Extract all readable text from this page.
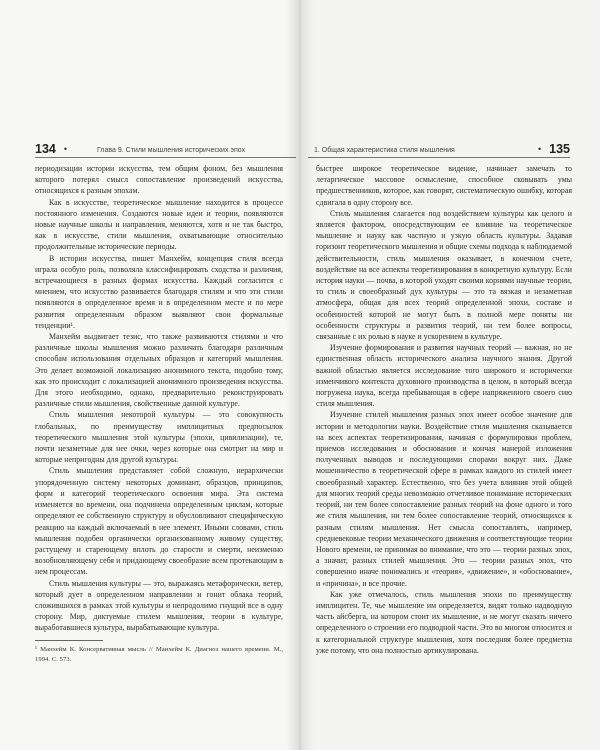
134 •	Глава 9. Стили мышления исторических эпох

периодизации истории искусства, тем общим фоном, без мышления которого потерял смысл сопоставление произведений искусства, относящихся к разным эпохам.

Как в искусстве, теоретическое мышление находится в процессе постоянного изменения. Создаются новые идеи и теории, появляются новые научные школы и направления, меняются, хотя и не так быстро, как в искусстве, стили мышления, охватывающие относительно продолжительные исторические периоды.

В истории искусства, пишет Манхейм, концепция стиля всегда играла особую роль, позволяла классифицировать сходства и различия, встречающиеся в разных формах искусства. Каждый согласится с мнением, что искусство развивается благодаря стилям и что эти стили появляются в определенное время и в определенном месте и по мере развития определенным образом выявляют свои формальные тенденции¹.

Манхейм выдвигает тезис, что также развиваются стилями и что различные школы мышления можно различать благодаря различным способам использования отдельных образцов и категорий мышления. Это делает возможной локализацию анонимного текста, подобно тому, как это происходит с локализацией анонимного произведения искусства. Для этого необходимо, однако, предварительно реконструировать различные стили мышления, свойственные данной культуре.

Стиль мышления некоторой культуры — это совокупность глобальных, по преимуществу имплицитных предпосылок теоретического мышления этой культуры (эпохи, цивилизации), те, почти незаметные для нее очки, через которые она смотрит на мир и которые непригодны для другой культуры.

Стиль мышления представляет собой сложную, иерархически упорядоченную систему некоторых доминант, образцов, принципов, форм и категорий теоретического освоения мира. Эта система изменяется во времени, она подчинена определенным циклам, которые определяют ее собственную структуру и обусловливают специфическую реакцию на каждый включаемый в нее элемент. Иными словами, стиль мышления подобен органически организованному живому существу, растущему и стареющему вплоть до старости и смерти, неизменно возобновляющему себя и придающему своеобразие всем протекающим в нем процессам.

Стиль мышления культуры — это, выражаясь метафорически, ветер, который дует в определенном направлении и гонит облака теорий, сложившихся в рамках этой культуры и непродолимо гнущий все в одну сторону. Мир, диктуемые стилем мышления, теории в культуре, выработавшиеся культура, вырабатывающие культура.

¹ Манхейм К. Консервативная мысль // Манхейм К. Диагноз нашего времени. М., 1994. С. 573.
1. Общая характеристика стиля мышления	• 135

быстрее широкое теоретическое видение, начинает замечать то летаргическое массовое осмысление, способное сковывать умы предшественников, которое, как говорят, систематическую ошибку, которая сдвигала в одну сторону все.

Стиль мышления слагается под воздействием культуры как целого и является фактором, опосредствующим ее влияние на теоретическое мышление и науку как частную и узкую область культуры. Задавая горизонт теоретического мышления и общие схемы подхода к наблюдаемой действительности, стиль мышления оказывает, в конечном счете, воздействие на все аспекты теоретизирования в конкретную культуру. Если история науки — почва, в которой уходят своими корнями научные теории, то стиль и своеобразный дух культуры — это та вязкая и незаметная атмосфера, общая для всех теорий определенной эпохи, составе и особенностей которой не могут быть в полной мере поняты ни особенности структуры и развития теорий, ни тем более вопросы, связанные с их ролью в науке и ускорением в культуре.

Изучение формирования и развития научных теорий — важная, но не единственная область исторического анализа научного знания. Другой важной областью является исследование того широкого и исторически изменчивого контекста духовного производства в целом, в который всегда погружена наука, всегда пребывающая в сфере напряженного своего сию стиля мышления.

Изучение стилей мышления разных эпох имеет особое значение для истории и методологии науки. Воздействие стиля мышления сказывается на всех аспектах теоретизирования, начиная с формулировки проблем, приемов исследования и обоснования и кончая манерой изложения полученных выводов и последующими спорами вокруг них. Даже мошенничество в теоретической сфере в рамках каждого из стилей имеет своеобразный характер. Естественно, что без учета влияния этой общей для многих теорий среды невозможно отчетливое понимание исторических теорий, ни тем более сопоставление разных теорий на фоне одного и того же стиля мышления, ни тем более сопоставление теорий, относящихся к разным стилям мышления. Нет смысла сопоставлять, например, средневековые теории механического движения и соответствующие теории Нового времени, не принимая во внимание, что это — теории разных эпох, а значит, разных стилей мышления. Это — теории разных эпох, что совершенно иначе понимались и «теория», «движение», и «обоснование», и «причина», и все прочие.

Как уже отмечалось, стиль мышления эпохи по преимуществу имплицитен. Те, чье мышление им определяется, видят только надводную часть айсберга, на котором стоит их мышление, и не могут сказать ничего определенного о строении его подводной части. Это во многом относится и к категориальной структуре мышления, хотя последняя более предметна уже потому, что она полностью артикулирована.
